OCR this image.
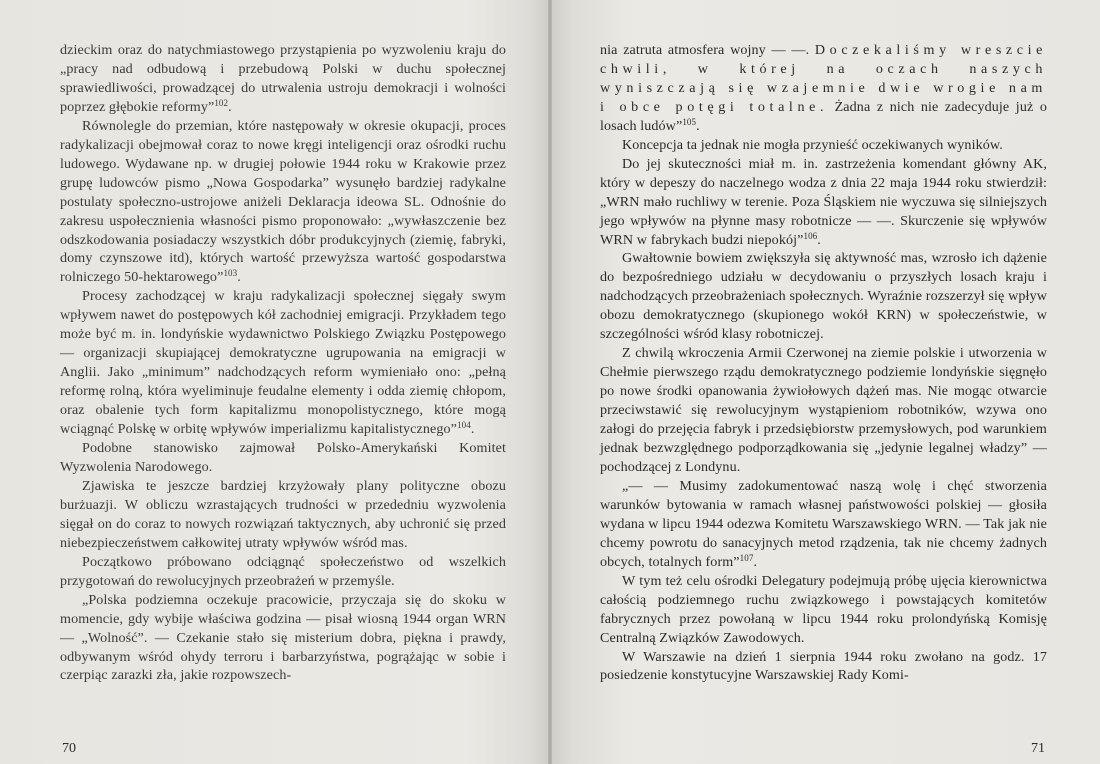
dzieckim oraz do natychmiastowego przystąpienia po wyzwoleniu kraju do „pracy nad odbudową i przebudową Polski w duchu społecznej sprawiedliwości, prowadzącej do utrwalenia ustroju demokracji i wolności poprzez głębokie reformy”$^{102}$.

Równolegle do przemian, które następowały w okresie okupacji, proces radykalizacji obejmował coraz to nowe kręgi inteligencji oraz ośrodki ruchu ludowego. Wydawane np. w drugiej połowie 1944 roku w Krakowie przez grupę ludowców pismo „Nowa Gospodarka” wysunęło bardziej radykalne postulaty społeczno-ustrojowe aniżeli Deklaracja ideowa SL. Odnośnie do zakresu uspołecznienia własności pismo proponowało: „wywłaszczenie bez odszkodowania posiadaczy wszystkich dóbr produkcyjnych (ziemię, fabryki, domy czynszowe itd), których wartość przewyższa wartość gospodarstwa rolniczego 50-hektarowego”$^{103}$.

Procesy zachodzącej w kraju radykalizacji społecznej sięgały swym wpływem nawet do postępowych kół zachodniej emigracji. Przykładem tego może być m. in. londyńskie wydawnictwo Polskiego Związku Postępowego — organizacji skupiającej demokratyczne ugrupowania na emigracji w Anglii. Jako „minimum” nadchodzących reform wymieniało ono: „pełną reformę rolną, która wyeliminuje feudalne elementy i odda ziemię chłopom, oraz obalenie tych form kapitalizmu monopolistycznego, które mogą wciągnąć Polskę w orbitę wpływów imperializmu kapitalistycznego”$^{104}$.

Podobne stanowisko zajmował Polsko-Amerykański Komitet Wyzwolenia Narodowego.

Zjawiska te jeszcze bardziej krzyżowały plany polityczne obozu burżuazji. W obliczu wzrastających trudności w przededniu wyzwolenia sięgał on do coraz to nowych rozwiązań taktycznych, aby uchronić się przed niebezpieczeństwem całkowitej utraty wpływów wśród mas.

Początkowo próbowano odciągnąć społeczeństwo od wszelkich przygotowań do rewolucyjnych przeobrażeń w przemyśle.

„Polska podziemna oczekuje pracowicie, przyczaja się do skoku w momencie, gdy wybije właściwa godzina — pisał wiosną 1944 organ WRN — „Wolność”. — Czekanie stało się misterium dobra, piękna i prawdy, odbywanym wśród ohydy terroru i barbarzyństwa, pogrążając w sobie i czerpiąc zarazki zła, jakie rozpowszech-

70

nia zatruta atmosfera wojny — —. Doczekaliśmy wreszcie chwili, w której na oczach naszych wyniszczają się wzajemnie dwie wrogie nam i obce potęgi totalne. Żadna z nich nie zadecyduje już o losach ludów”$^{105}$.

Koncepcja ta jednak nie mogła przynieść oczekiwanych wyników.

Do jej skuteczności miał m. in. zastrzeżenia komendant główny AK, który w depeszy do naczelnego wodza z dnia 22 maja 1944 roku stwierdził: „WRN mało ruchliwy w terenie. Poza Śląskiem nie wyczuwa się silniejszych jego wpływów na płynne masy robotnicze — —. Skurczenie się wpływów WRN w fabrykach budzi niepokój”$^{106}$.

Gwałtownie bowiem zwiększyła się aktywność mas, wzrosło ich dążenie do bezpośredniego udziału w decydowaniu o przyszłych losach kraju i nadchodzących przeobrażeniach społecznych. Wyraźnie rozszerzył się wpływ obozu demokratycznego (skupionego wokół KRN) w społeczeństwie, w szczególności wśród klasy robotniczej.

Z chwilą wkroczenia Armii Czerwonej na ziemie polskie i utworzenia w Chełmie pierwszego rządu demokratycznego podziemie londyńskie sięgnęło po nowe środki opanowania żywiołowych dążeń mas. Nie mogąc otwarcie przeciwstawić się rewolucyjnym wystąpieniom robotników, wzywa ono załogi do przejęcia fabryk i przedsiębiorstw przemysłowych, pod warunkiem jednak bezwzględnego podporządkowania się „jedynie legalnej władzy” — pochodzącej z Londynu.

„— — Musimy zadokumentować naszą wolę i chęć stworzenia warunków bytowania w ramach własnej państwowości polskiej — głosiła wydana w lipcu 1944 odezwa Komitetu Warszawskiego WRN. — Tak jak nie chcemy powrotu do sanacyjnych metod rządzenia, tak nie chcemy żadnych obcych, totalnych form”$^{107}$.

W tym też celu ośrodki Delegatury podejmują próbę ujęcia kierownictwa całością podziemnego ruchu związkowego i powstających komitetów fabrycznych przez powołaną w lipcu 1944 roku prolondyńską Komisję Centralną Związków Zawodowych.

W Warszawie na dzień 1 sierpnia 1944 roku zwołano na godz. 17 posiedzenie konstytucyjne Warszawskiej Rady Komi-

71
